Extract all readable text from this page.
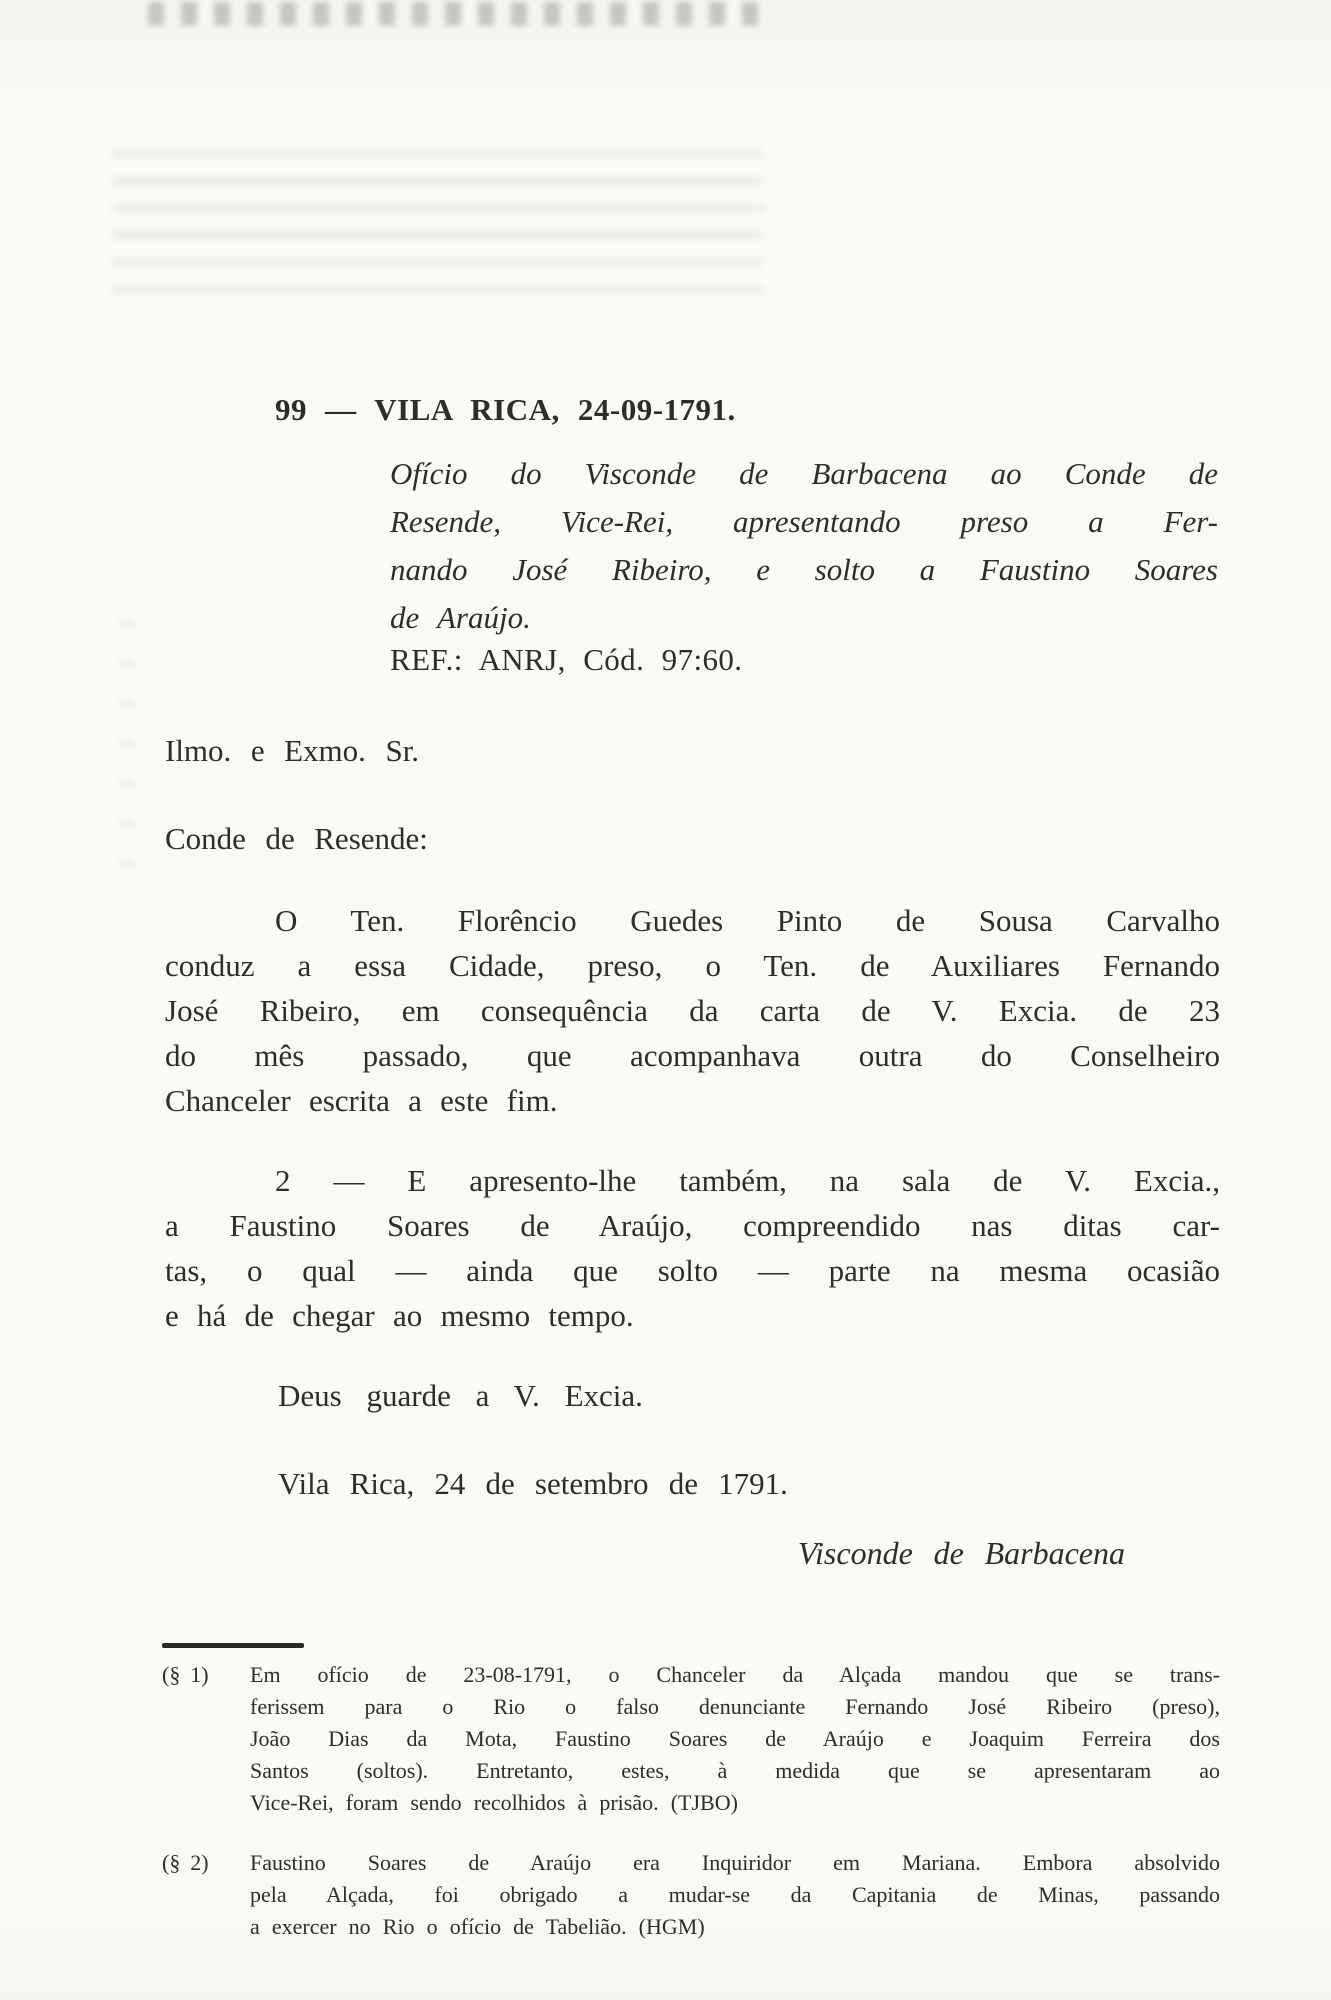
99 — VILA RICA, 24-09-1791.
Ofício do Visconde de Barbacena ao Conde de
Resende, Vice-Rei, apresentando preso a Fer-
nando José Ribeiro, e solto a Faustino Soares
de Araújo.
REF.: ANRJ, Cód. 97:60.
Ilmo. e Exmo. Sr.
Conde de Resende:
O Ten. Florêncio Guedes Pinto de Sousa Carvalho
conduz a essa Cidade, preso, o Ten. de Auxiliares Fernando
José Ribeiro, em consequência da carta de V. Excia. de 23
do mês passado, que acompanhava outra do Conselheiro
Chanceler escrita a este fim.
2 — E apresento-lhe também, na sala de V. Excia.,
a Faustino Soares de Araújo, compreendido nas ditas car-
tas, o qual — ainda que solto — parte na mesma ocasião
e há de chegar ao mesmo tempo.
Deus guarde a V. Excia.
Vila Rica, 24 de setembro de 1791.
Visconde de Barbacena
(§ 1) Em ofício de 23-08-1791, o Chanceler da Alçada mandou que se trans-
ferissem para o Rio o falso denunciante Fernando José Ribeiro (preso),
João Dias da Mota, Faustino Soares de Araújo e Joaquim Ferreira dos
Santos (soltos). Entretanto, estes, à medida que se apresentaram ao
Vice-Rei, foram sendo recolhidos à prisão. (TJBO)
(§ 2) Faustino Soares de Araújo era Inquiridor em Mariana. Embora absolvido
pela Alçada, foi obrigado a mudar-se da Capitania de Minas, passando
a exercer no Rio o ofício de Tabelião. (HGM)
